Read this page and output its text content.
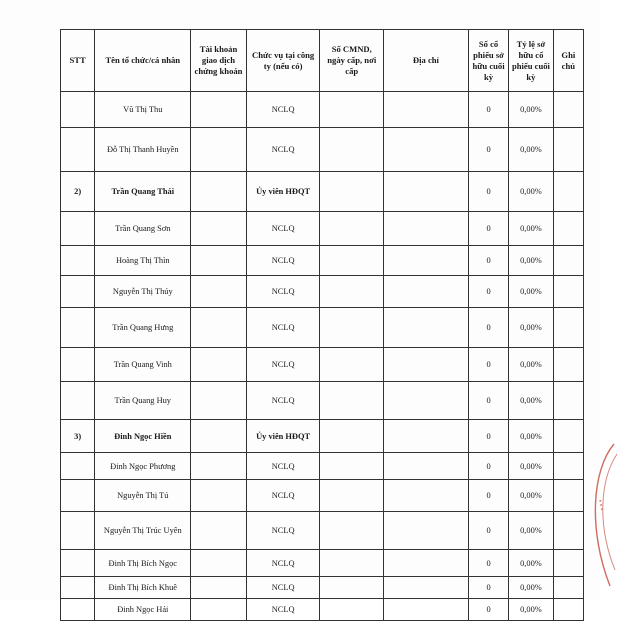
STT	Tên tổ chức/cá nhân	Tài khoản giao dịch chứng khoán	Chức vụ tại công ty (nếu có)	Số CMND, ngày cấp, nơi cấp	Địa chỉ	Số cổ phiếu sở hữu cuối kỳ	Tỷ lệ sở hữu cổ phiếu cuối kỳ	Ghi chú
	Vũ Thị Thu		NCLQ			0	0,00%	
	Đỗ Thị Thanh Huyền		NCLQ			0	0,00%	
2)	Trần Quang Thái		Ủy viên HĐQT			0	0,00%	
	Trần Quang Sơn		NCLQ			0	0,00%	
	Hoàng Thị Thìn		NCLQ			0	0,00%	
	Nguyễn Thị Thúy		NCLQ			0	0,00%	
	Trần Quang Hưng		NCLQ			0	0,00%	
	Trần Quang Vinh		NCLQ			0	0,00%	
	Trần Quang Huy		NCLQ			0	0,00%	
3)	Đinh Ngọc Hiền		Ủy viên HĐQT			0	0,00%	
	Đinh Ngọc Phương		NCLQ			0	0,00%	
	Nguyễn Thị Tú		NCLQ			0	0,00%	
	Nguyễn Thị Trúc Uyên		NCLQ			0	0,00%	
	Đinh Thị Bích Ngọc		NCLQ			0	0,00%	
	Đinh Thị Bích Khuê		NCLQ			0	0,00%	
	Đinh Ngọc Hải		NCLQ			0	0,00%	
▪ ▪ ▪
